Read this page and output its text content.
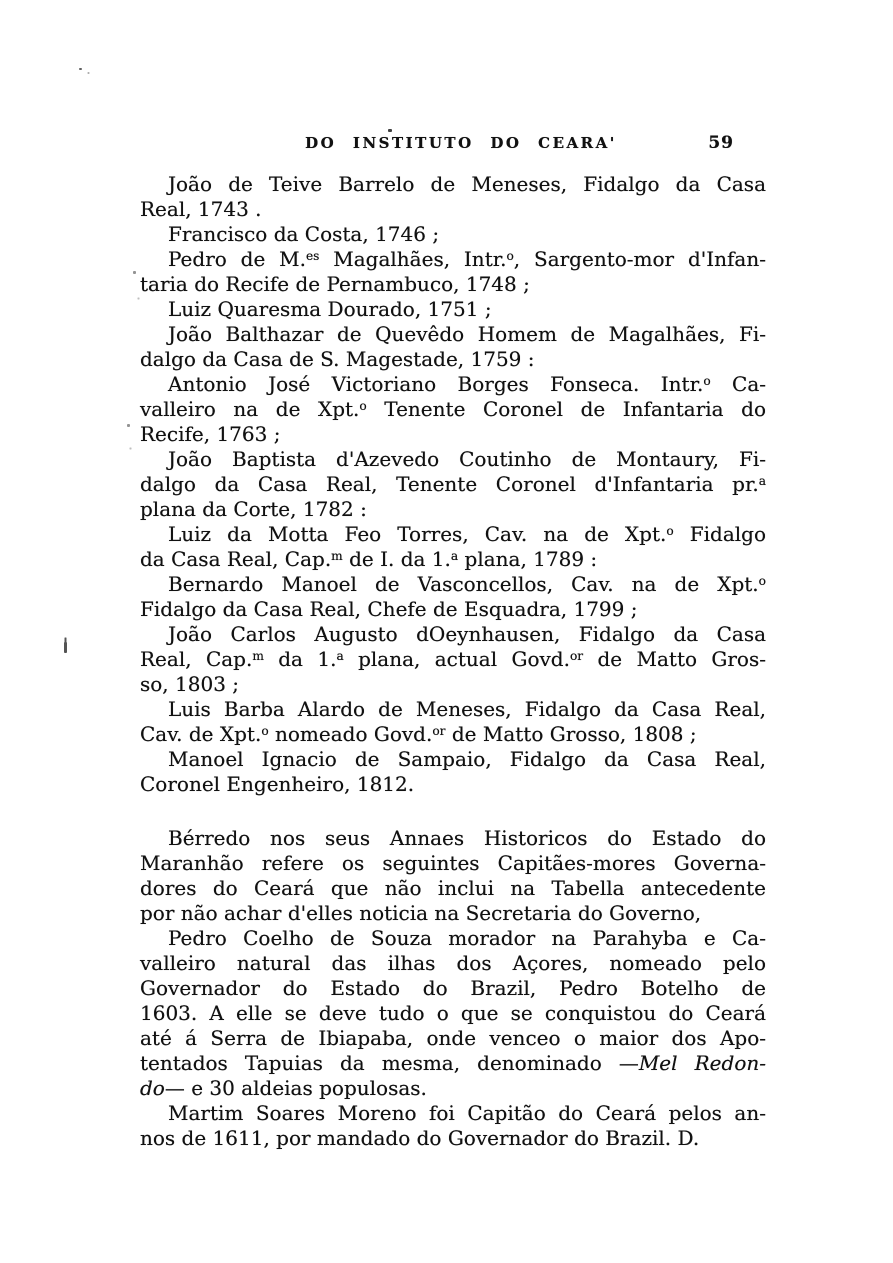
DO INSTITUTO DO CEARA'	59
João de Teive Barrelo de Meneses, Fidalgo da Casa
Real, 1743 .
Francisco da Costa, 1746 ;
Pedro de M.$^{es}$ Magalhães, Intr.$^o$, Sargento-mor d'Infan-
taria do Recife de Pernambuco, 1748 ;
Luiz Quaresma Dourado, 1751 ;
João Balthazar de Quevêdo Homem de Magalhães, Fi-
dalgo da Casa de S. Magestade, 1759 :
Antonio José Victoriano Borges Fonseca. Intr.$^o$ Ca-
valleiro na de Xpt.$^o$ Tenente Coronel de Infantaria do
Recife, 1763 ;
João Baptista d'Azevedo Coutinho de Montaury, Fi-
dalgo da Casa Real, Tenente Coronel d'Infantaria pr.$^a$
plana da Corte, 1782 :
Luiz da Motta Feo Torres, Cav. na de Xpt.$^o$ Fidalgo
da Casa Real, Cap.$^m$ de I. da 1.$^a$ plana, 1789 :
Bernardo Manoel de Vasconcellos, Cav. na de Xpt.$^o$
Fidalgo da Casa Real, Chefe de Esquadra, 1799 ;
João Carlos Augusto dOeynhausen, Fidalgo da Casa
Real, Cap.$^m$ da 1.$^a$ plana, actual Govd.$^{or}$ de Matto Gros-
so, 1803 ;
Luis Barba Alardo de Meneses, Fidalgo da Casa Real,
Cav. de Xpt.$^o$ nomeado Govd.$^{or}$ de Matto Grosso, 1808 ;
Manoel Ignacio de Sampaio, Fidalgo da Casa Real,
Coronel Engenheiro, 1812.
Bérredo nos seus Annaes Historicos do Estado do
Maranhão refere os seguintes Capitães-mores Governa-
dores do Ceará que não inclui na Tabella antecedente
por não achar d'elles noticia na Secretaria do Governo,
Pedro Coelho de Souza morador na Parahyba e Ca-
valleiro natural das ilhas dos Açores, nomeado pelo
Governador do Estado do Brazil, Pedro Botelho de
1603. A elle se deve tudo o que se conquistou do Ceará
até á Serra de Ibiapaba, onde venceo o maior dos Apo-
tentados Tapuias da mesma, denominado —Mel Redon-
do— e 30 aldeias populosas.
Martim Soares Moreno foi Capitão do Ceará pelos an-
nos de 1611, por mandado do Governador do Brazil. D.
